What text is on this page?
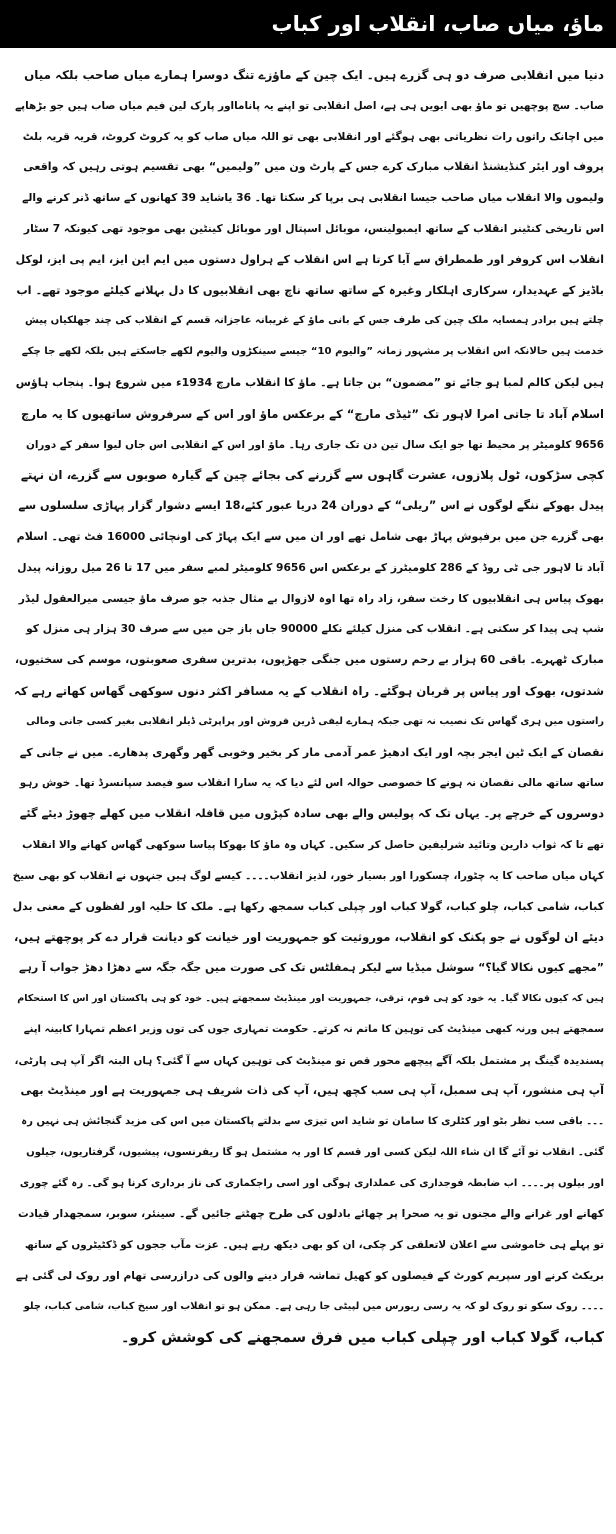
ماؤ، میاں صاب، انقلاب اور کباب
دنیا میں انقلابی صرف دو ہی گزرے ہیں۔ ایک چین کے ماؤزے تنگ دوسرا ہمارے میاں صاحب بلکہ میاں
صاب۔ سچ پوچھیں تو ماؤ بھی ایویں ہی ہے، اصل انقلابی تو اپنے یہ پانامااور پارک لین فیم میاں صاب ہیں جو بڑھاپے
میں اچانک راتوں رات نظریاتی بھی ہوگئے اور انقلابی بھی تو اللہ میاں صاب کو یہ کروٹ کروٹ، قریہ قریہ بلٹ
پروف اور ایئر کنڈیشنڈ انقلاب مبارک کرے جس کے پارٹ ون میں ”ولیمیں“ بھی تقسیم ہوتی رہیں کہ واقعی
ولیموں والا انقلاب میاں صاحب جیسا انقلابی ہی برپا کر سکتا تھا۔ 36 یاشاید 39 کھانوں کے ساتھ ڈنر کرنے والے
اس تاریخی کنٹینر انقلاب کے ساتھ ایمبولینس، موبائل اسپتال اور موبائل کینٹین بھی موجود تھی کیونکہ 7 سٹار
انقلاب اس کروفر اور طمطراق سے آیا کرتا ہے اس انقلاب کے ہراول دستوں میں ایم این ایز، ایم پی ایز، لوکل
باڈیز کے عہدیدار، سرکاری اہلکار وغیرہ کے ساتھ ساتھ ناچ بھی انقلابیوں کا دل بہلانے کیلئے موجود تھے۔ اب
چلتے ہیں برادر ہمسایہ ملک چین کی طرف جس کے بانی ماؤ کے غریبانہ عاجزانہ قسم کے انقلاب کی چند جھلکیاں پیش
خدمت ہیں حالانکہ اس انقلاب پر مشہور زمانہ ”والیوم 10“ جیسے سینکڑوں والیوم لکھے جاسکتے ہیں بلکہ لکھے جا چکے
ہیں لیکن کالم لمبا ہو جائے تو ”مضمون“ بن جاتا ہے۔ ماؤ کا انقلاب مارچ 1934ء میں شروع ہوا۔ پنجاب ہاؤس
اسلام آباد تا جاتی امرا لاہور تک ”ٹیڈی مارچ“ کے برعکس ماؤ اور اس کے سرفروش ساتھیوں کا یہ مارچ
9656 کلومیٹر پر محیط تھا جو ایک سال تین دن تک جاری رہا۔ ماؤ اور اس کے انقلابی اس جاں لیوا سفر کے دوران
کچی سڑکوں، ٹول پلازوں، عشرت گاہوں سے گزرنے کی بجائے چین کے گیارہ صوبوں سے گزرے، ان نہتے
پیدل بھوکے ننگے لوگوں نے اس ”ریلی“ کے دوران 24 دریا عبور کئے،18 ایسے دشوار گزار پہاڑی سلسلوں سے
بھی گزرے جن میں برفپوش پہاڑ بھی شامل تھے اور ان میں سے ایک پہاڑ کی اونچائی 16000 فٹ تھی۔ اسلام
آباد تا لاہور جی ٹی روڈ کے 286 کلومیٹرز کے برعکس اس 9656 کلومیٹر لمبے سفر میں 17 تا 26 میل روزانہ پیدل
بھوک پیاس ہی انقلابیوں کا رخت سفر، زاد راہ تھا اوہ لازوال بے مثال جذبہ جو صرف ماؤ جیسی میرالعقول لیڈر
شپ ہی پیدا کر سکتی ہے۔ انقلاب کی منزل کیلئے نکلے 90000 جاں باز جن میں سے صرف 30 ہزار ہی منزل کو
مبارک ٹھہرے۔ باقی 60 ہزار بے رحم رستوں میں جنگی جھڑپوں، بدترین سفری صعوبتوں، موسم کی سختیوں،
شدتوں، بھوک اور پیاس پر قربان ہوگئے۔ راہ انقلاب کے یہ مسافر اکثر دنوں سوکھی گھاس کھاتے رہے کہ
راستوں میں ہری گھاس تک نصیب نہ تھی جبکہ ہمارے لیفی ڈرین فروش اور پراپرٹی ڈیلر انقلابی بغیر کسی جانی ومالی
نقصان کے ایک ٹین ایجر بچہ اور ایک ادھیڑ عمر آدمی مار کر بخیر وخوبی گھر وگھری پدھارے۔ میں نے جانی کے
ساتھ ساتھ مالی نقصان نہ ہونے کا خصوصی حوالہ اس لئے دیا کہ یہ سارا انقلاب سو فیصد سپانسرڈ تھا۔ خوش رہو
دوسروں کے خرچے پر۔ یہاں تک کہ پولیس والے بھی سادہ کپڑوں میں قافلہ انقلاب میں کھلے چھوڑ دیئے گئے
تھے تا کہ ثواب دارین وتائید شرلیفین حاصل کر سکیں۔ کہاں وہ ماؤ کا بھوکا پیاسا سوکھی گھاس کھانے والا انقلاب
کہاں میاں صاحب کا یہ چٹورا، چسکورا اور بسیار خور، لذیز انقلاب۔۔۔۔ کیسے لوگ ہیں جنہوں نے انقلاب کو بھی سیخ
کباب، شامی کباب، چلو کباب، گولا کباب اور چپلی کباب سمجھ رکھا ہے۔ ملک کا حلیہ اور لفظوں کے معنی بدل
دیئے ان لوگوں نے جو پکنک کو انقلاب، موروثیت کو جمہوریت اور خیانت کو دیانت قرار دے کر پوچھتے ہیں،
”مجھے کیوں نکالا گیا؟“ سوشل میڈیا سے لیکر ہمفلٹس تک کی صورت میں جگہ جگہ سے دھڑا دھڑ جواب آ رہے
ہیں کہ کیوں نکالا گیا۔ یہ خود کو ہی قوم، ترقی، جمہوریت اور مینڈیٹ سمجھتے ہیں۔ خود کو ہی پاکستان اور اس کا استحکام
سمجھتے ہیں ورنہ کبھی مینڈیٹ کی توہین کا ماتم نہ کرتے۔ حکومت تمہاری جوں کی توں وزیر اعظم تمہارا کابینہ اپنے
پسندیدہ گینگ پر مشتمل بلکہ آگے پیچھے محور قص تو مینڈیٹ کی توہین کہاں سے آ گئی؟ ہاں البتہ اگر آپ ہی پارٹی،
آپ ہی منشور، آپ ہی سمبل، آپ ہی سب کچھ ہیں، آپ کی ذات شریف ہی جمہوریت ہے اور مینڈیٹ بھی
۔۔۔ باقی سب نظر بٹو اور کٹلری کا سامان تو شاید اس تیزی سے بدلتے پاکستان میں اس کی مزید گنجائش ہی نہیں رہ
گئی۔ انقلاب تو آئے گا ان شاء اللہ لیکن کسی اور قسم کا اور یہ مشتمل ہو گا ریفرنسوں، پیشیوں، گرفتاریوں، جیلوں
اور بیلوں پر۔۔۔۔ اب ضابطہ فوجداری کی عملداری ہوگی اور اسی راجکماری کی ناز برداری کرنا ہو گی۔ رہ گئے چوری
کھانے اور غرانے والے مجنوں تو یہ صحرا پر چھائے بادلوں کی طرح چھٹتے جائیں گے۔ سینئر، سوبر، سمجھدار قیادت
تو پہلے ہی خاموشی سے اعلان لاتعلقی کر چکی، ان کو بھی دیکھ رہے ہیں۔ عزت مآب ججوں کو ڈکٹیٹروں کے ساتھ
بریکٹ کرنے اور سپریم کورٹ کے فیصلوں کو کھیل تماشہ قرار دینے والوں کی درازرسی تھام اور روک لی گئی ہے
۔۔۔۔ روک سکو تو روک لو کہ یہ رسی ریورس میں لپیٹی جا رہی ہے۔ ممکن ہو تو انقلاب اور سیخ کباب، شامی کباب، چلو
کباب، گولا کباب اور چپلی کباب میں فرق سمجھنے کی کوشش کرو۔
